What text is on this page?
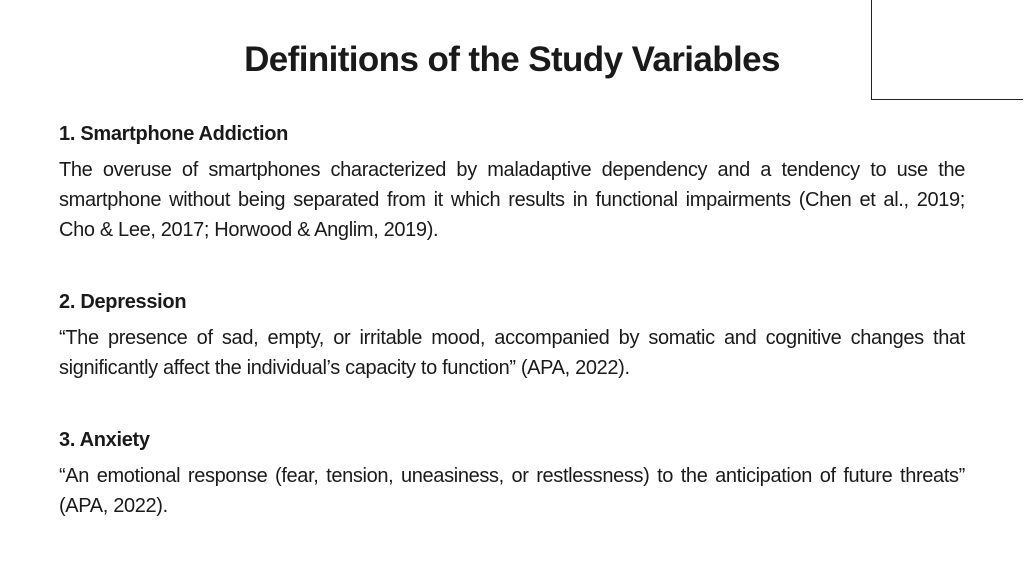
Definitions of the Study Variables

1. Smartphone Addiction

The overuse of smartphones characterized by maladaptive dependency and a tendency to use the smartphone without being separated from it which results in functional impairments (Chen et al., 2019; Cho & Lee, 2017; Horwood & Anglim, 2019).

2. Depression

“The presence of sad, empty, or irritable mood, accompanied by somatic and cognitive changes that significantly affect the individual’s capacity to function” (APA, 2022).

3. Anxiety

“An emotional response (fear, tension, uneasiness, or restlessness) to the anticipation of future threats” (APA, 2022).
